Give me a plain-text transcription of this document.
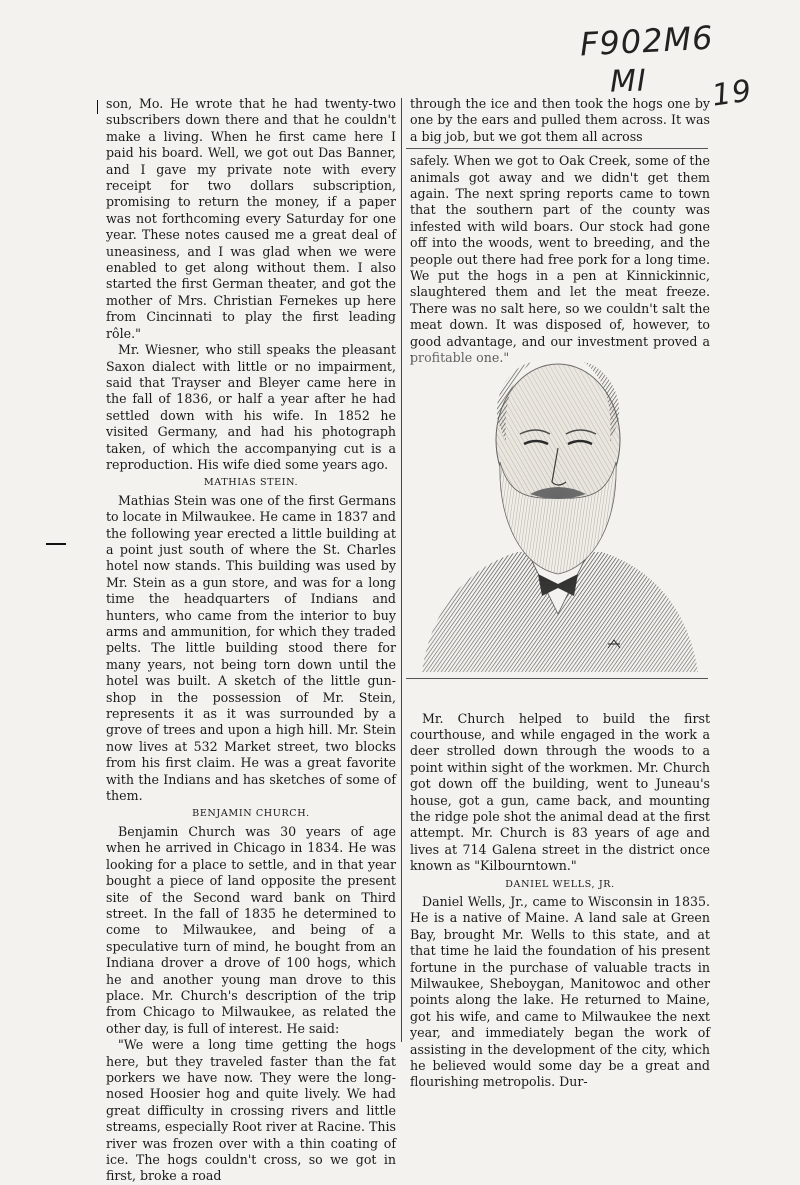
F902M6
MI 19

son, Mo. He wrote that he had twenty-two subscribers down there and that he couldn't make a living. When he first came here I paid his board. Well, we got out Das Banner, and I gave my private note with every receipt for two dollars subscription, promising to return the money, if a paper was not forthcoming every Saturday for one year. These notes caused me a great deal of uneasiness, and I was glad when we were enabled to get along without them. I also started the first German theater, and got the mother of Mrs. Christian Fernekes up here from Cincinnati to play the first leading rôle."

Mr. Wiesner, who still speaks the pleasant Saxon dialect with little or no impairment, said that Trayser and Bleyer came here in the fall of 1836, or half a year after he had settled down with his wife. In 1852 he visited Germany, and had his photograph taken, of which the accompanying cut is a reproduction. His wife died some years ago.

MATHIAS STEIN.

Mathias Stein was one of the first Germans to locate in Milwaukee. He came in 1837 and the following year erected a little building at a point just south of where the St. Charles hotel now stands. This building was used by Mr. Stein as a gun store, and was for a long time the headquarters of Indians and hunters, who came from the interior to buy arms and ammunition, for which they traded pelts. The little building stood there for many years, not being torn down until the hotel was built. A sketch of the little gun-shop in the possession of Mr. Stein, represents it as it was surrounded by a grove of trees and upon a high hill. Mr. Stein now lives at 532 Market street, two blocks from his first claim. He was a great favorite with the Indians and has sketches of some of them.

BENJAMIN CHURCH.

Benjamin Church was 30 years of age when he arrived in Chicago in 1834. He was looking for a place to settle, and in that year bought a piece of land opposite the present site of the Second ward bank on Third street. In the fall of 1835 he determined to come to Milwaukee, and being of a speculative turn of mind, he bought from an Indiana drover a drove of 100 hogs, which he and another young man drove to this place. Mr. Church's description of the trip from Chicago to Milwaukee, as related the other day, is full of interest. He said:

"We were a long time getting the hogs here, but they traveled faster than the fat porkers we have now. They were the long-nosed Hoosier hog and quite lively. We had great difficulty in crossing rivers and little streams, especially Root river at Racine. This river was frozen over with a thin coating of ice. The hogs couldn't cross, so we got in first, broke a road

through the ice and then took the hogs one by one by the ears and pulled them across. It was a big job, but we got them all across

safely. When we got to Oak Creek, some of the animals got away and we didn't get them again. The next spring reports came to town that the southern part of the county was infested with wild boars. Our stock had gone off into the woods, went to breeding, and the people out there had free pork for a long time. We put the hogs in a pen at Kinnickinnic, slaughtered them and let the meat freeze. There was no salt here, so we couldn't salt the meat down. It was disposed of, however, to good advantage, and our investment proved a profitable one."

Mr. Church helped to build the first courthouse, and while engaged in the work a deer strolled down through the woods to a point within sight of the workmen. Mr. Church got down off the building, went to Juneau's house, got a gun, came back, and mounting the ridge pole shot the animal dead at the first attempt. Mr. Church is 83 years of age and lives at 714 Galena street in the district once known as "Kilbourntown."

DANIEL WELLS, JR.

Daniel Wells, Jr., came to Wisconsin in 1835. He is a native of Maine. A land sale at Green Bay, brought Mr. Wells to this state, and at that time he laid the foundation of his present fortune in the purchase of valuable tracts in Milwaukee, Sheboygan, Manitowoc and other points along the lake. He returned to Maine, got his wife, and came to Milwaukee the next year, and immediately began the work of assisting in the development of the city, which he believed would some day be a great and flourishing metropolis. Dur-
